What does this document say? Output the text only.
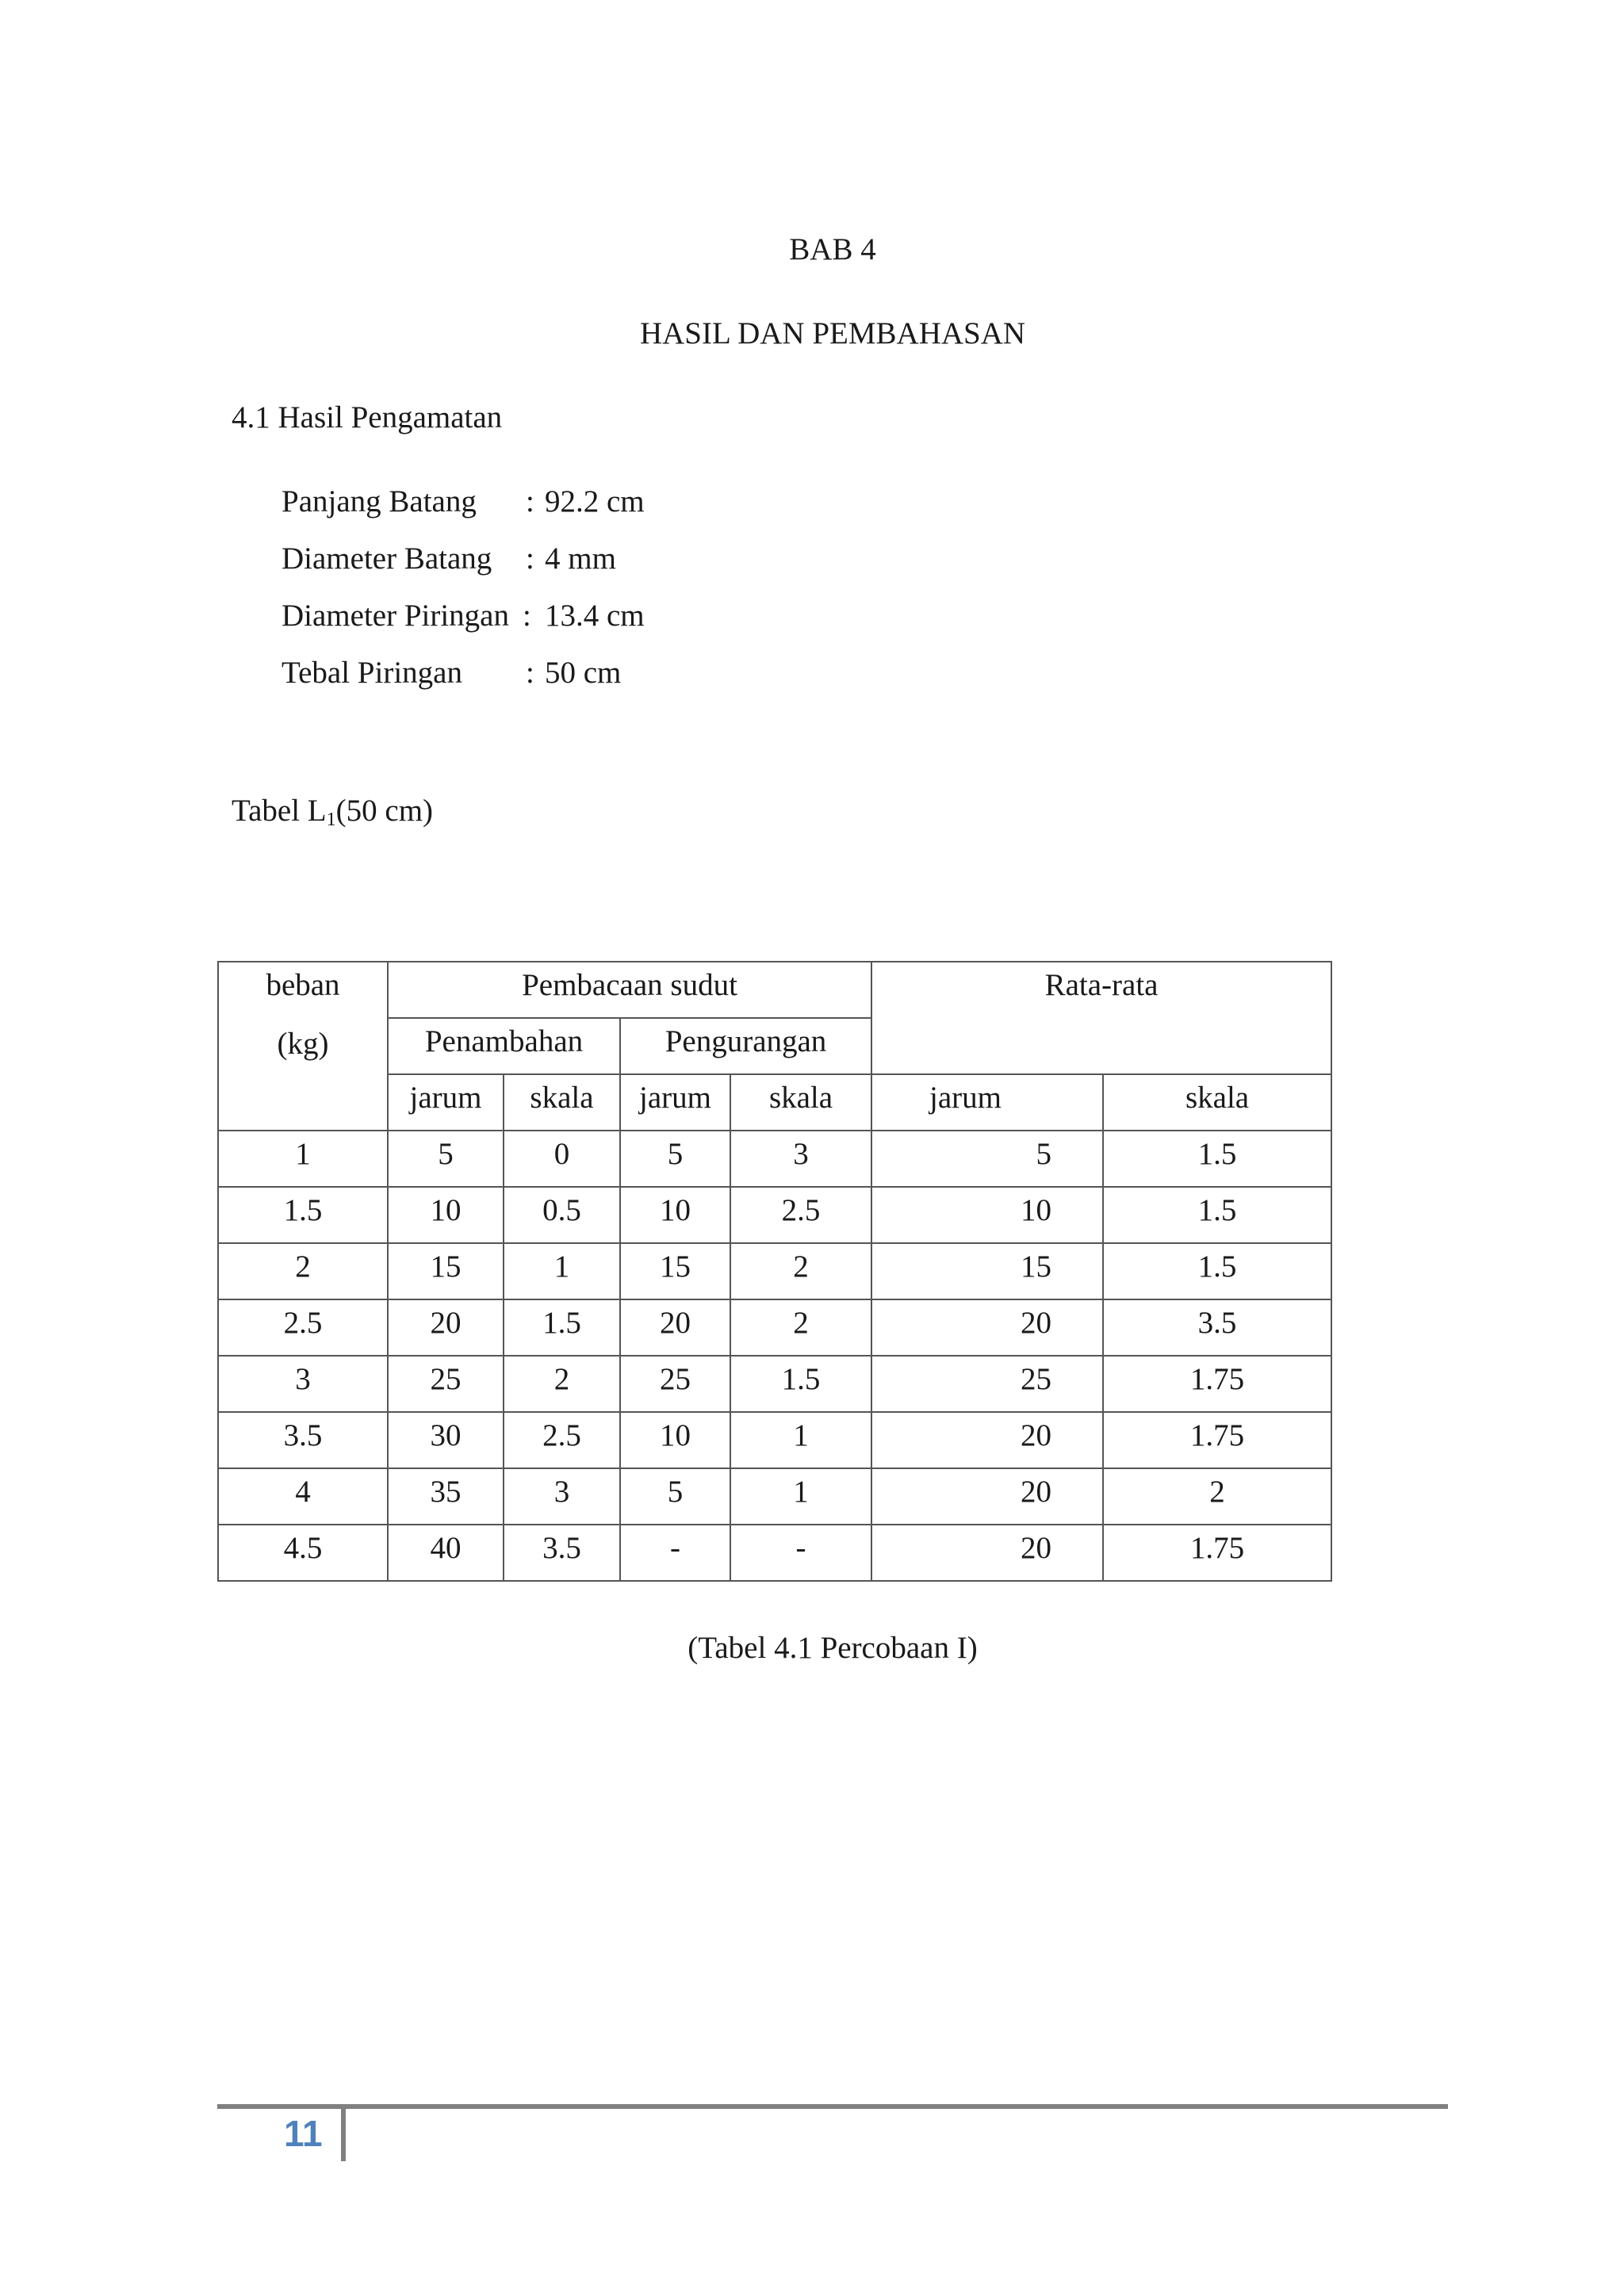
BAB 4
HASIL DAN PEMBAHASAN
4.1 Hasil Pengamatan
Panjang Batang : 92.2 cm
Diameter Batang : 4 mm
Diameter Piringan : 13.4 cm
Tebal Piringan : 50 cm
Tabel $L_1(50$ cm)
beban
(kg)	Pembacaan sudut				Rata-rata	
	Penambahan		Pengurangan			
	jarum	skala	jarum	skala	jarum	skala
1	5	0	5	3	5	1.5
1.5	10	0.5	10	2.5	10	1.5
2	15	1	15	2	15	1.5
2.5	20	1.5	20	2	20	3.5
3	25	2	25	1.5	25	1.75
3.5	30	2.5	10	1	20	1.75
4	35	3	5	1	20	2
4.5	40	3.5	-	-	20	1.75
(Tabel 4.1 Percobaan I)
11
